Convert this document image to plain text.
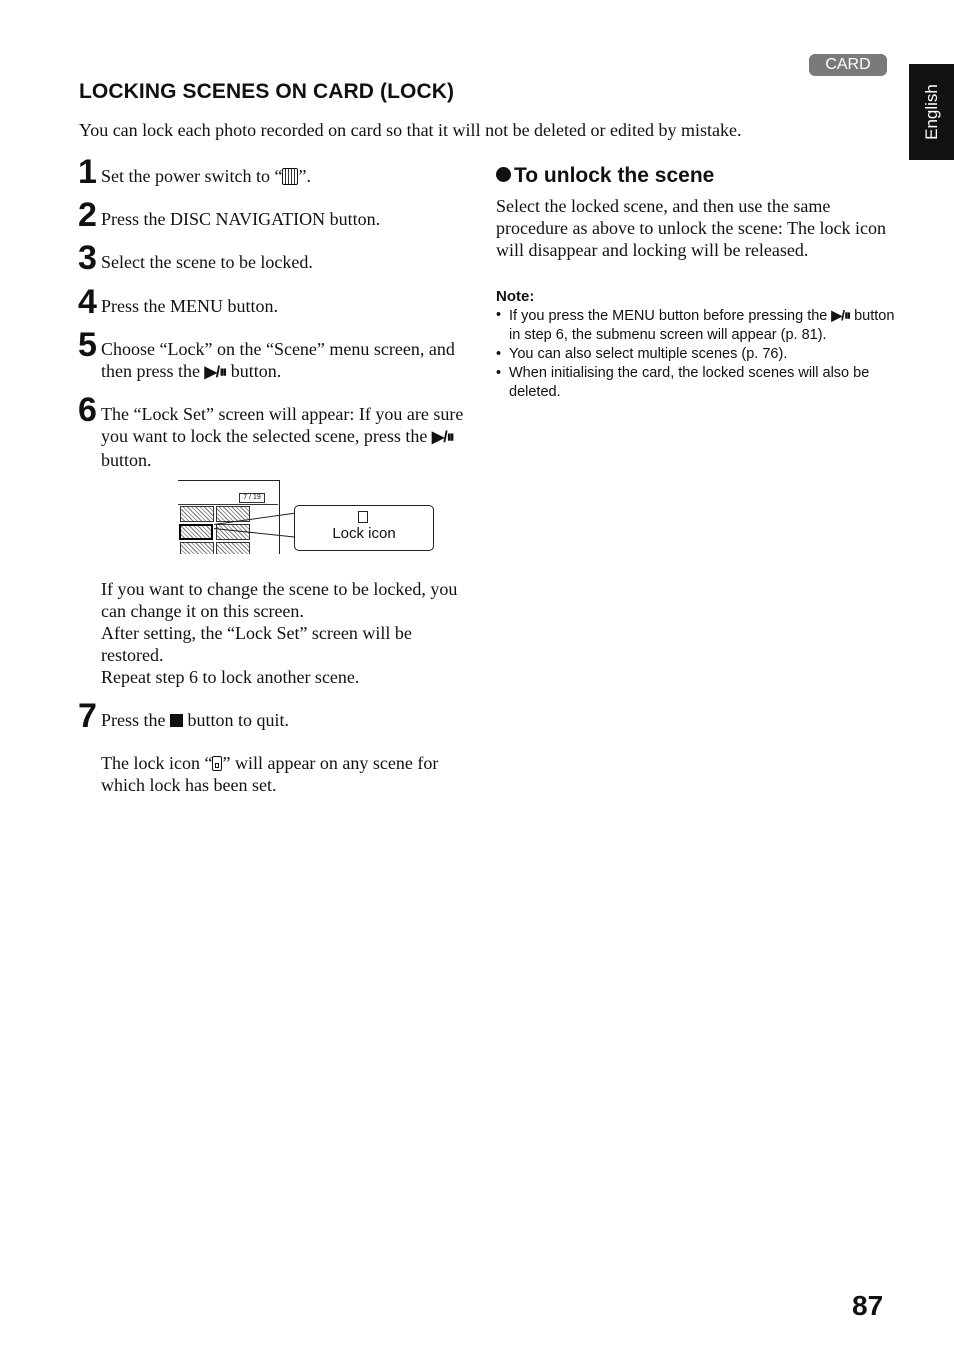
CARD
English
LOCKING SCENES ON CARD (LOCK)
You can lock each photo recorded on card so that it will not be deleted or edited by mistake.
1 Set the power switch to “ ”.
2 Press the DISC NAVIGATION button.
3 Select the scene to be locked.
4 Press the MENU button.
5 Choose “Lock” on the “Scene” menu screen, and then press the ▶/⏸ button.
6 The “Lock Set” screen will appear: If you are sure you want to lock the selected scene, press the ▶/⏸ button.
7 / 19
Lock icon
If you want to change the scene to be locked, you can change it on this screen.
After setting, the “Lock Set” screen will be restored.
Repeat step 6 to lock another scene.
7 Press the  button to quit.
The lock icon “ ” will appear on any scene for which lock has been set.
To unlock the scene
Select the locked scene, and then use the same procedure as above to unlock the scene: The lock icon will disappear and locking will be released.
Note:
• If you press the MENU button before pressing the ▶/⏸ button in step 6, the submenu screen will appear (p. 81).
• You can also select multiple scenes (p. 76).
• When initialising the card, the locked scenes will also be deleted.
87
